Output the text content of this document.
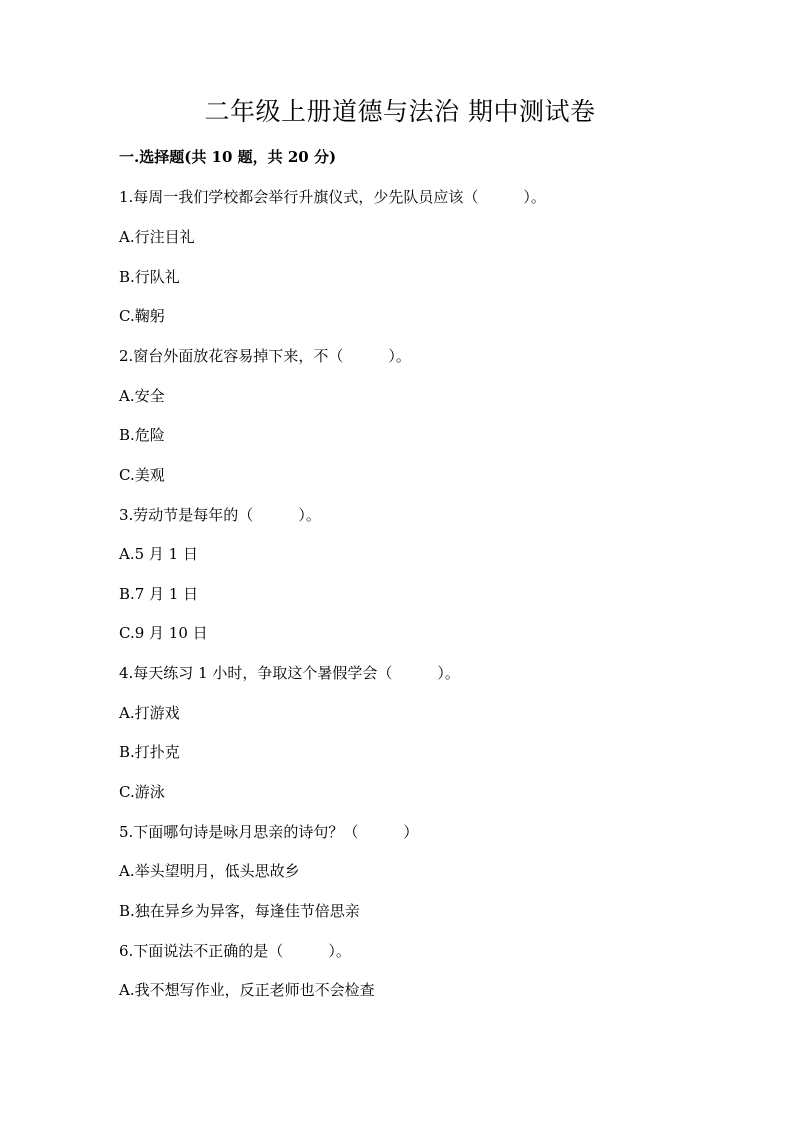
二年级上册道德与法治 期中测试卷
一.选择题(共 10 题，共 20 分)
1.每周一我们学校都会举行升旗仪式，少先队员应该（　　　）。
A.行注目礼
B.行队礼
C.鞠躬
2.窗台外面放花容易掉下来，不（　　　）。
A.安全
B.危险
C.美观
3.劳动节是每年的（　　　）。
A.5 月 1 日
B.7 月 1 日
C.9 月 10 日
4.每天练习 1 小时，争取这个暑假学会（　　　）。
A.打游戏
B.打扑克
C.游泳
5.下面哪句诗是咏月思亲的诗句？（　　　）
A.举头望明月，低头思故乡
B.独在异乡为异客，每逢佳节倍思亲
6.下面说法不正确的是（　　　）。
A.我不想写作业，反正老师也不会检查
